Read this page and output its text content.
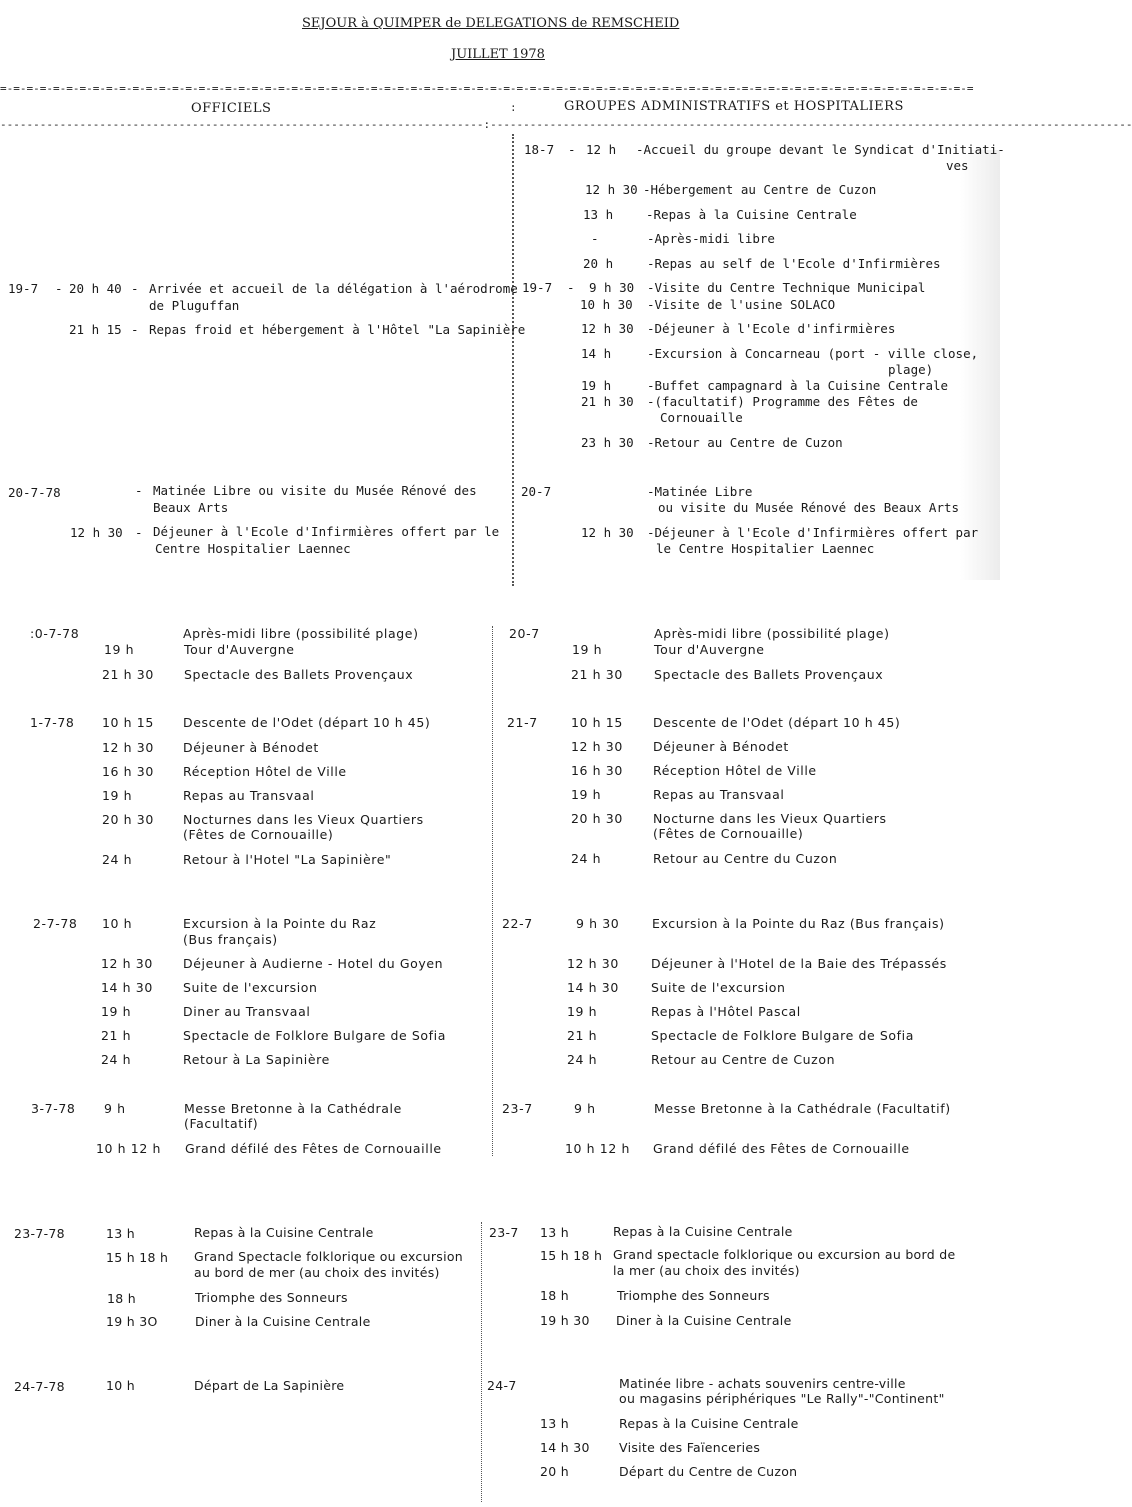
SEJOUR à QUIMPER de DELEGATIONS de REMSCHEID
JUILLET 1978
=-=-=-=-=-=-=-=-=-=-=-=-=-=-=-=-=-=-=-=-=-=-=-=-=-=-=-=-=-=-=-=-=-=-=-=-=-=-=-=-=-=-=-=-=-=-=-=-=-=-=-=-=-=-=-=-=-=-=-=-=-=-=-=-=-=-=-=-=-=-=-=-=-=
OFFICIELS	:	GROUPES ADMINISTRATIFS et HOSPITALIERS
-------------------------------------------------------------------------:-------------------------------------------------------------------------------------------------
19-7 - 20 h 40 - Arrivée et accueil de la délégation à l'aérodrome
de Pluguffan
21 h 15 - Repas froid et hébergement à l'Hôtel "La Sapinière
20-7-78	- Matinée Libre ou visite du Musée Rénové des
Beaux Arts
12 h 30 - Déjeuner à l'Ecole d'Infirmières offert par le
Centre Hospitalier Laennec
18-7 - 12 h -Accueil du groupe devant le Syndicat d'Initiati-
ves
12 h 30 -Hébergement au Centre de Cuzon
13 h	-Repas à la Cuisine Centrale
-	-Après-midi libre
20 h	-Repas au self de l'Ecole d'Infirmières
19-7 - 9 h 30 -Visite du Centre Technique Municipal
10 h 30 -Visite de l'usine SOLACO
12 h 30 -Déjeuner à l'Ecole d'infirmières
14 h	-Excursion à Concarneau (port - ville close,
plage)
19 h	-Buffet campagnard à la Cuisine Centrale
21 h 30 -(facultatif) Programme des Fêtes de
Cornouaille
23 h 30 -Retour au Centre de Cuzon
20-7	-Matinée Libre
ou visite du Musée Rénové des Beaux Arts
12 h 30 -Déjeuner à l'Ecole d'Infirmières offert par
le Centre Hospitalier Laennec
:0-7-78	Après-midi libre (possibilité plage)
19 h	Tour d'Auvergne
21 h 30 Spectacle des Ballets Provençaux
1-7-78 10 h 15 Descente de l'Odet (départ 10 h 45)
12 h 30 Déjeuner à Bénodet
16 h 30 Réception Hôtel de Ville
19 h	Repas au Transvaal
20 h 30 Nocturnes dans les Vieux Quartiers
(Fêtes de Cornouaille)
24 h	Retour à l'Hotel "La Sapinière"
2-7-78 10 h	Excursion à la Pointe du Raz
(Bus français)
12 h 30 Déjeuner à Audierne - Hotel du Goyen
14 h 30 Suite de l'excursion
19 h	Diner au Transvaal
21 h	Spectacle de Folklore Bulgare de Sofia
24 h	Retour à La Sapinière
3-7-78 9 h	Messe Bretonne à la Cathédrale
(Facultatif)
10 h 12 h Grand défilé des Fêtes de Cornouaille
20-7	Après-midi libre (possibilité plage)
19 h	Tour d'Auvergne
21 h 30 Spectacle des Ballets Provençaux
21-7	10 h 15 Descente de l'Odet (départ 10 h 45)
12 h 30 Déjeuner à Bénodet
16 h 30 Réception Hôtel de Ville
19 h	Repas au Transvaal
20 h 30 Nocturne dans les Vieux Quartiers
(Fêtes de Cornouaille)
24 h	Retour au Centre du Cuzon
22-7	9 h 30	Excursion à la Pointe du Raz (Bus français)
12 h 30	Déjeuner à l'Hotel de la Baie des Trépassés
14 h 30	Suite de l'excursion
19 h	Repas à l'Hôtel Pascal
21 h	Spectacle de Folklore Bulgare de Sofia
24 h	Retour au Centre de Cuzon
23-7	9 h	Messe Bretonne à la Cathédrale (Facultatif)
10 h 12 h Grand défilé des Fêtes de Cornouaille
23-7-78	13 h	Repas à la Cuisine Centrale
15 h 18 h Grand Spectacle folklorique ou excursion
au bord de mer (au choix des invités)
18 h	Triomphe des Sonneurs
19 h 3O	Diner à la Cuisine Centrale
24-7-78	10 h	Départ de La Sapinière
23-7 13 h	Repas à la Cuisine Centrale
15 h 18 h Grand spectacle folklorique ou excursion au bord de
la mer (au choix des invités)
18 h	Triomphe des Sonneurs
19 h 30 Diner à la Cuisine Centrale
24-7	Matinée libre - achats souvenirs centre-ville
ou magasins périphériques "Le Rally"-"Continent"
13 h	Repas à la Cuisine Centrale
14 h 30 Visite des Faïenceries
20 h	Départ du Centre de Cuzon
